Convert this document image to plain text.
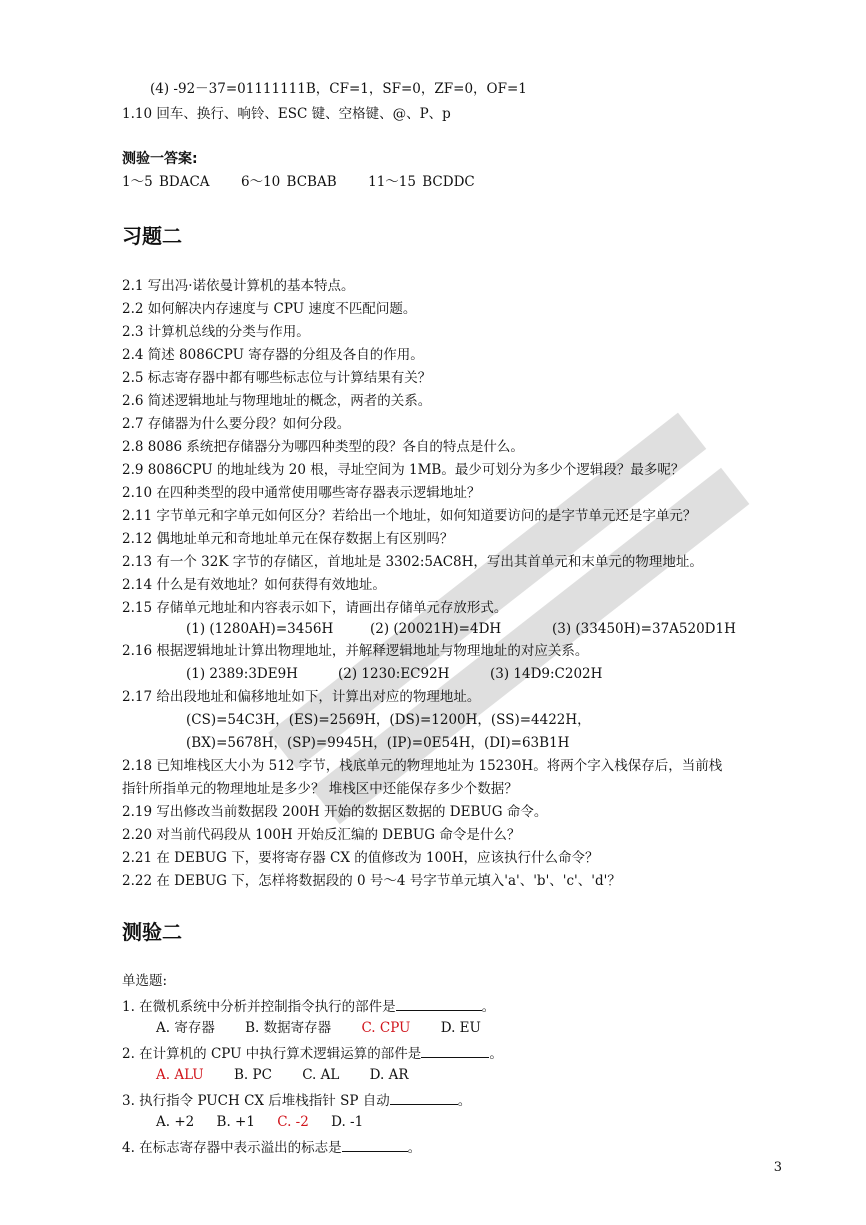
(4) -92－37=01111111B，CF=1，SF=0，ZF=0，OF=1
1.10 回车、换行、响铃、ESC 键、空格键、@、P、p
测验一答案:
1～5 BDACA     6～10 BCBAB     11～15 BCDDC
习题二
2.1 写出冯·诺依曼计算机的基本特点。
2.2 如何解决内存速度与 CPU 速度不匹配问题。
2.3 计算机总线的分类与作用。
2.4 简述 8086CPU 寄存器的分组及各自的作用。
2.5 标志寄存器中都有哪些标志位与计算结果有关？
2.6 简述逻辑地址与物理地址的概念，两者的关系。
2.7 存储器为什么要分段？如何分段。
2.8 8086 系统把存储器分为哪四种类型的段？各自的特点是什么。
2.9 8086CPU 的地址线为 20 根，寻址空间为 1MB。最少可划分为多少个逻辑段？最多呢？
2.10 在四种类型的段中通常使用哪些寄存器表示逻辑地址？
2.11 字节单元和字单元如何区分？若给出一个地址，如何知道要访问的是字节单元还是字单元？
2.12 偶地址单元和奇地址单元在保存数据上有区别吗？
2.13 有一个 32K 字节的存储区，首地址是 3302:5AC8H，写出其首单元和末单元的物理地址。
2.14 什么是有效地址？如何获得有效地址。
2.15 存储单元地址和内容表示如下，请画出存储单元存放形式。
(1) (1280AH)=3456H	(2) (20021H)=4DH	(3) (33450H)=37A520D1H
2.16 根据逻辑地址计算出物理地址，并解释逻辑地址与物理地址的对应关系。
(1) 2389:3DE9H	(2) 1230:EC92H	(3) 14D9:C202H
2.17 给出段地址和偏移地址如下，计算出对应的物理地址。
(CS)=54C3H，(ES)=2569H，(DS)=1200H，(SS)=4422H，
(BX)=5678H，(SP)=9945H，(IP)=0E54H，(DI)=63B1H
2.18 已知堆栈区大小为 512 字节，栈底单元的物理地址为 15230H。将两个字入栈保存后，当前栈
指针所指单元的物理地址是多少？ 堆栈区中还能保存多少个数据？
2.19 写出修改当前数据段 200H 开始的数据区数据的 DEBUG 命令。
2.20 对当前代码段从 100H 开始反汇编的 DEBUG 命令是什么？
2.21 在 DEBUG 下，要将寄存器 CX 的值修改为 100H，应该执行什么命令？
2.22 在 DEBUG 下，怎样将数据段的 0 号～4 号字节单元填入'a'、'b'、'c'、'd'？
测验二
单选题:
1. 在微机系统中分析并控制指令执行的部件是	。
A. 寄存器 B. 数据寄存器 C. CPU D. EU
2. 在计算机的 CPU 中执行算术逻辑运算的部件是	。
A. ALU B. PC C. AL D. AR
3. 执行指令 PUCH CX 后堆栈指针 SP 自动	。
A. +2 B. +1 C. -2 D. -1
4. 在标志寄存器中表示溢出的标志是	。
3
